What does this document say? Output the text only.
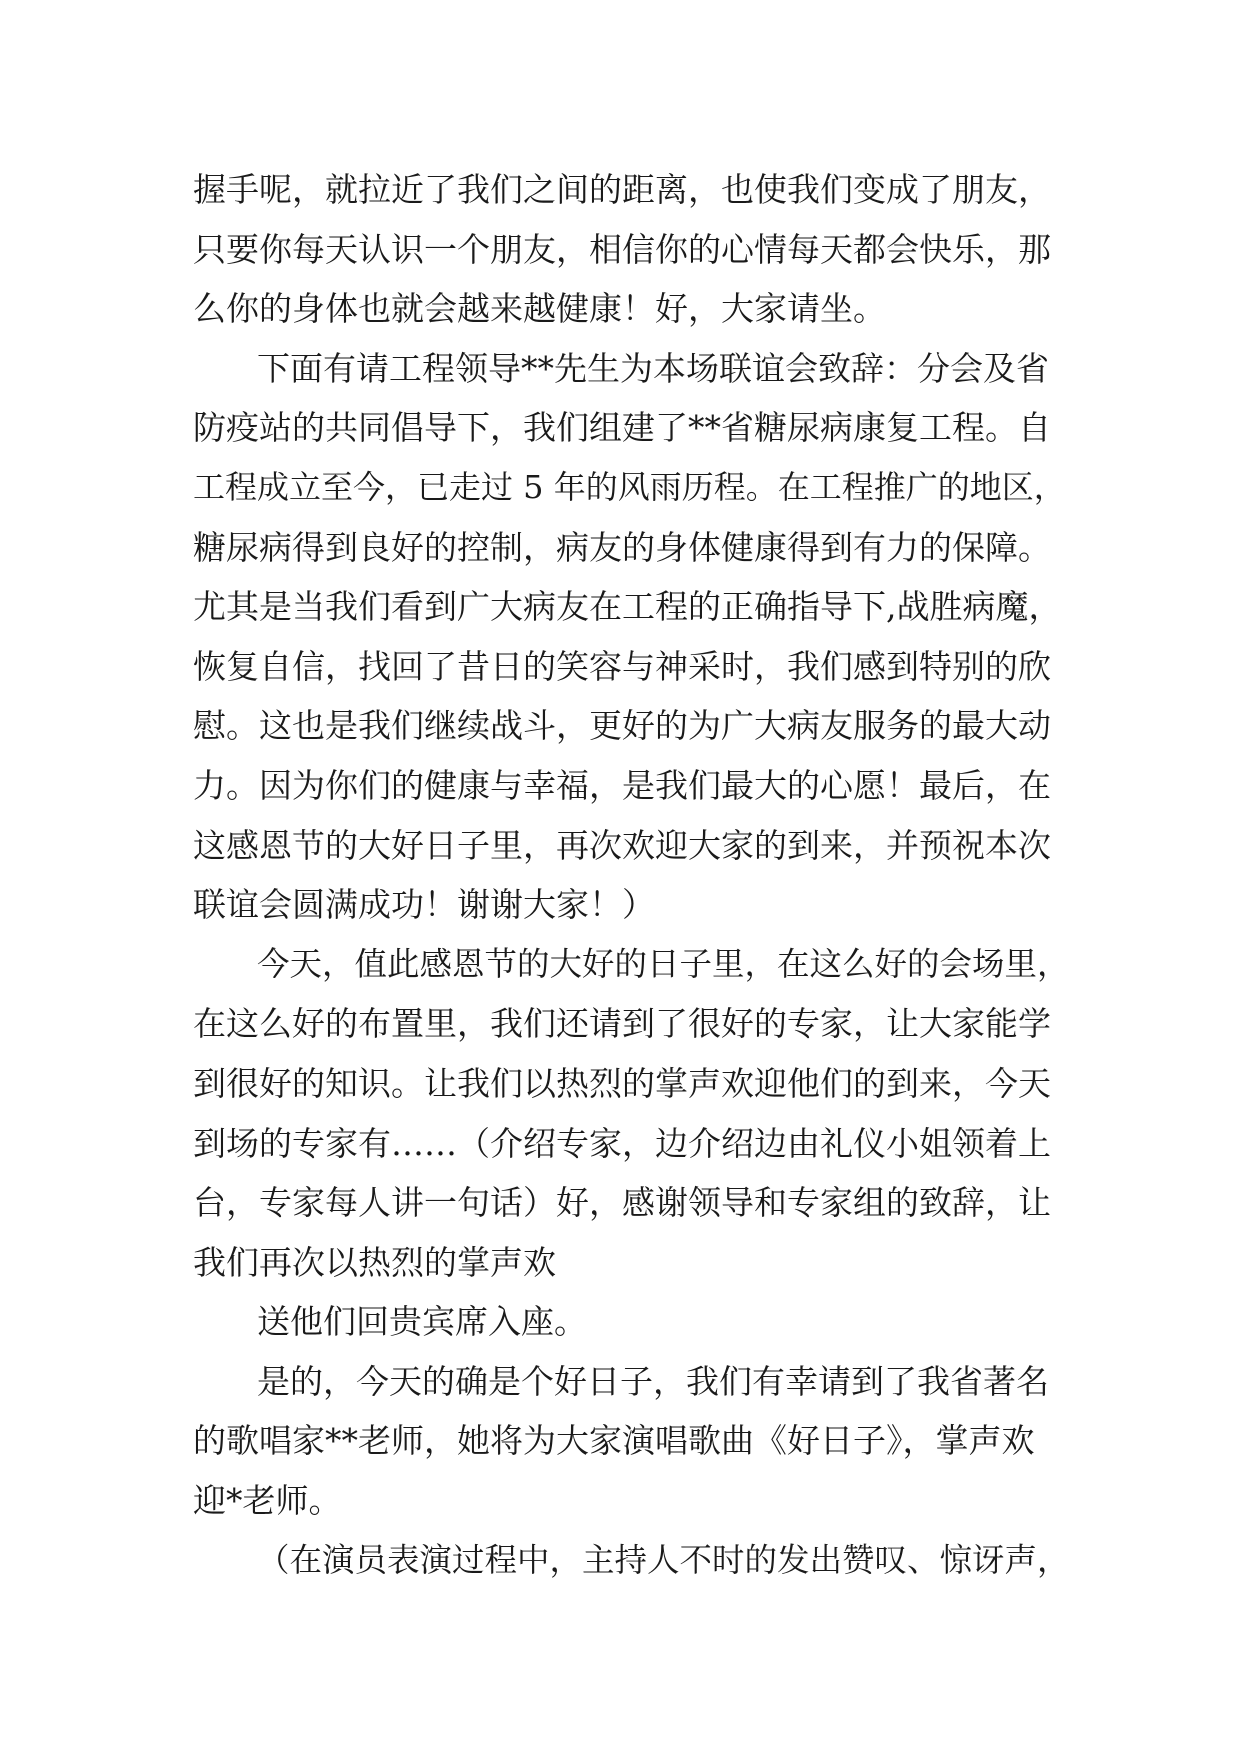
握手呢，就拉近了我们之间的距离，也使我们变成了朋友，
只要你每天认识一个朋友，相信你的心情每天都会快乐，那
么你的身体也就会越来越健康！好，大家请坐。
下面有请工程领导**先生为本场联谊会致辞：分会及省
防疫站的共同倡导下，我们组建了**省糖尿病康复工程。自
工程成立至今，已走过 5 年的风雨历程。在工程推广的地区，
糖尿病得到良好的控制，病友的身体健康得到有力的保障。
尤其是当我们看到广大病友在工程的正确指导下,战胜病魔，
恢复自信，找回了昔日的笑容与神采时，我们感到特别的欣
慰。这也是我们继续战斗，更好的为广大病友服务的最大动
力。因为你们的健康与幸福，是我们最大的心愿！最后，在
这感恩节的大好日子里，再次欢迎大家的到来，并预祝本次
联谊会圆满成功！谢谢大家！）
今天，值此感恩节的大好的日子里，在这么好的会场里，
在这么好的布置里，我们还请到了很好的专家，让大家能学
到很好的知识。让我们以热烈的掌声欢迎他们的到来，今天
到场的专家有……（介绍专家，边介绍边由礼仪小姐领着上
台，专家每人讲一句话）好，感谢领导和专家组的致辞，让
我们再次以热烈的掌声欢
送他们回贵宾席入座。
是的，今天的确是个好日子，我们有幸请到了我省著名
的歌唱家**老师，她将为大家演唱歌曲《好日子》，掌声欢
迎*老师。
（在演员表演过程中，主持人不时的发出赞叹、惊讶声，
